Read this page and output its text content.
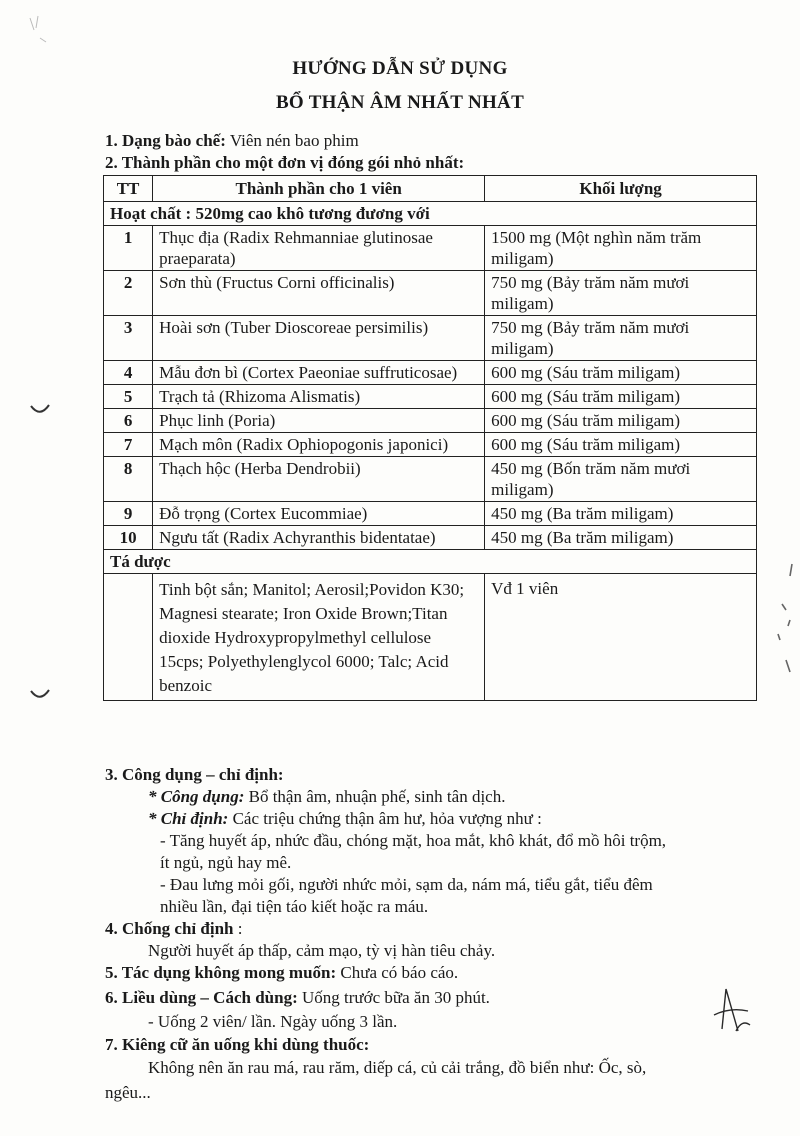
HƯỚNG DẪN SỬ DỤNG
BỔ THẬN ÂM NHẤT NHẤT
1. Dạng bào chế: Viên nén bao phim
2. Thành phần cho một đơn vị đóng gói nhỏ nhất:
TT	Thành phần cho 1 viên	Khối lượng
Hoạt chất : 520mg cao khô tương đương với		
1	Thục địa (Radix Rehmanniae glutinosae praeparata)	1500 mg (Một nghìn năm trăm miligam)
2	Sơn thù (Fructus Corni officinalis)	750 mg (Bảy trăm năm mươi miligam)
3	Hoài sơn (Tuber Dioscoreae persimilis)	750 mg (Bảy trăm năm mươi miligam)
4	Mẫu đơn bì (Cortex Paeoniae suffruticosae)	600 mg (Sáu trăm miligam)
5	Trạch tả (Rhizoma Alismatis)	600 mg (Sáu trăm miligam)
6	Phục linh (Poria)	600 mg (Sáu trăm miligam)
7	Mạch môn (Radix Ophiopogonis japonici)	600 mg (Sáu trăm miligam)
8	Thạch hộc (Herba Dendrobii)	450 mg (Bốn trăm năm mươi miligam)
9	Đỗ trọng (Cortex Eucommiae)	450 mg (Ba trăm miligam)
10	Ngưu tất (Radix Achyranthis bidentatae)	450 mg (Ba trăm miligam)
Tá dược		
	Tinh bột sắn; Manitol; Aerosil;Povidon K30; Magnesi stearate; Iron Oxide Brown;Titan dioxide Hydroxypropylmethyl cellulose 15cps; Polyethylenglycol 6000; Talc; Acid benzoic	Vđ 1 viên
3. Công dụng – chỉ định:
* Công dụng: Bổ thận âm, nhuận phế, sinh tân dịch.
* Chỉ định: Các triệu chứng thận âm hư, hỏa vượng như :
- Tăng huyết áp, nhức đầu, chóng mặt, hoa mắt, khô khát, đổ mồ hôi trộm,
ít ngủ, ngủ hay mê.
- Đau lưng mỏi gối, người nhức mỏi, sạm da, nám má, tiểu gắt, tiểu đêm
nhiều lần, đại tiện táo kiết hoặc ra máu.
4. Chống chỉ định :
Người huyết áp thấp, cảm mạo, tỳ vị hàn tiêu chảy.
5. Tác dụng không mong muốn: Chưa có báo cáo.
6. Liều dùng – Cách dùng: Uống trước bữa ăn 30 phút.
- Uống 2 viên/ lần. Ngày uống 3 lần.
7. Kiêng cữ ăn uống khi dùng thuốc:
Không nên ăn rau má, rau răm, diếp cá, củ cải trắng, đồ biển như: Ốc, sò,
ngêu...
